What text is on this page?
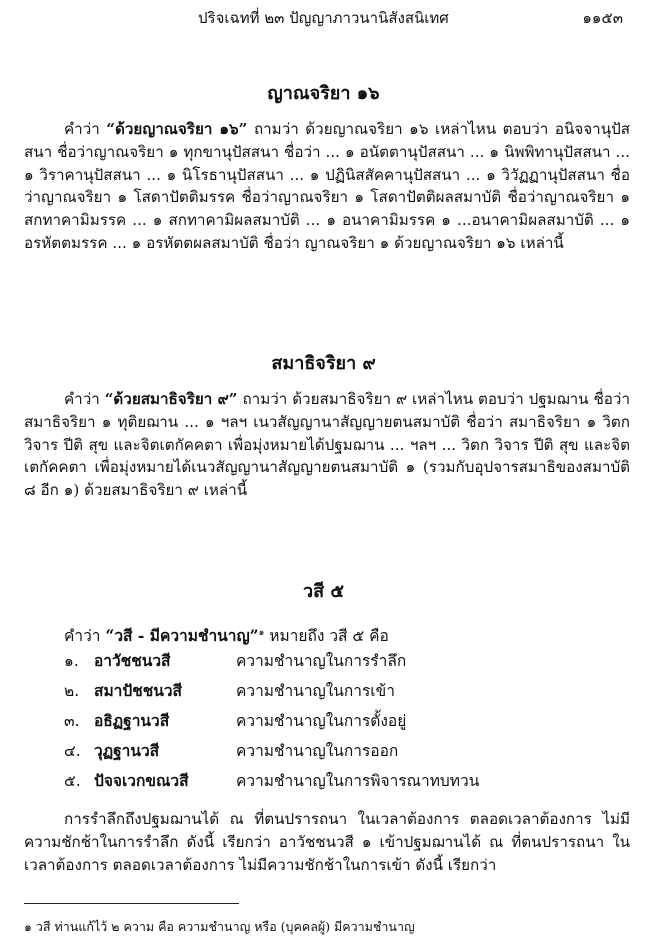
ปริจเฉทที่ ๒๓ ปัญญาภาวนานิสังสนิเทศ	๑๑๕๓
ญาณจริยา ๑๖

คำว่า “ด้วยญาณจริยา ๑๖” ถามว่า ด้วยญาณจริยา ๑๖ เหล่าไหน ตอบว่า อนิจจานุปัสสนา ชื่อว่าญาณจริยา ๑ ทุกขานุปัสสนา ชื่อว่า ... ๑ อนัตตานุปัสสนา ... ๑ นิพพิทานุปัสสนา ... ๑ วิราคานุปัสสนา ... ๑ นิโรธานุปัสสนา ... ๑ ปฏินิสสัคคานุปัสสนา ... ๑ วิวัฏฏานุปัสสนา ชื่อว่าญาณจริยา ๑ โสดาปัตติมรรค ชื่อว่าญาณจริยา ๑ โสดาปัตติผลสมาบัติ ชื่อว่าญาณจริยา ๑ สกทาคามิมรรค ... ๑ สกทาคามิผลสมาบัติ ... ๑ อนาคามิมรรค ๑ ...อนาคามิผลสมาบัติ ... ๑ อรหัตตมรรค ... ๑ อรหัตตผลสมาบัติ ชื่อว่า ญาณจริยา ๑ ด้วยญาณจริยา ๑๖ เหล่านี้

สมาธิจริยา ๙

คำว่า “ด้วยสมาธิจริยา ๙” ถามว่า ด้วยสมาธิจริยา ๙ เหล่าไหน ตอบว่า ปฐมฌาน ชื่อว่า สมาธิจริยา ๑ ทุติยฌาน ... ๑ ฯลฯ เนวสัญญานาสัญญายตนสมาบัติ ชื่อว่า สมาธิจริยา ๑ วิตก วิจาร ปีติ สุข และจิตเตกัคคตา เพื่อมุ่งหมายได้ปฐมฌาน ... ฯลฯ ... วิตก วิจาร ปีติ สุข และจิตเตกัคคตา เพื่อมุ่งหมายได้เนวสัญญานาสัญญายตนสมาบัติ ๑ (รวมกับอุปจารสมาธิของสมาบัติ ๘ อีก ๑) ด้วยสมาธิจริยา ๙ เหล่านี้

วสี ๕
คำว่า “วสี - มีความชำนาญ”$^๑$ หมายถึง วสี ๕ คือ
๑. อาวัชชนวสี	ความชำนาญในการรำลึก
๒. สมาปัชชนวสี	ความชำนาญในการเข้า
๓. อธิฏฐานวสี	ความชำนาญในการตั้งอยู่
๔. วุฏฐานวสี	ความชำนาญในการออก
๕. ปัจจเวกขณวสี	ความชำนาญในการพิจารณาทบทวน

การรำลึกถึงปฐมฌานได้ ณ ที่ตนปรารถนา ในเวลาต้องการ ตลอดเวลาต้องการ ไม่มีความชักช้าในการรำลึก ดังนี้ เรียกว่า อาวัชชนวสี ๑ เข้าปฐมฌานได้ ณ ที่ตนปรารถนา ในเวลาต้องการ ตลอดเวลาต้องการ ไม่มีความชักช้าในการเข้า ดังนี้ เรียกว่า

๑ วสี ท่านแก้ไว้ ๒ ความ คือ ความชำนาญ หรือ (บุคคลผู้) มีความชำนาญ
